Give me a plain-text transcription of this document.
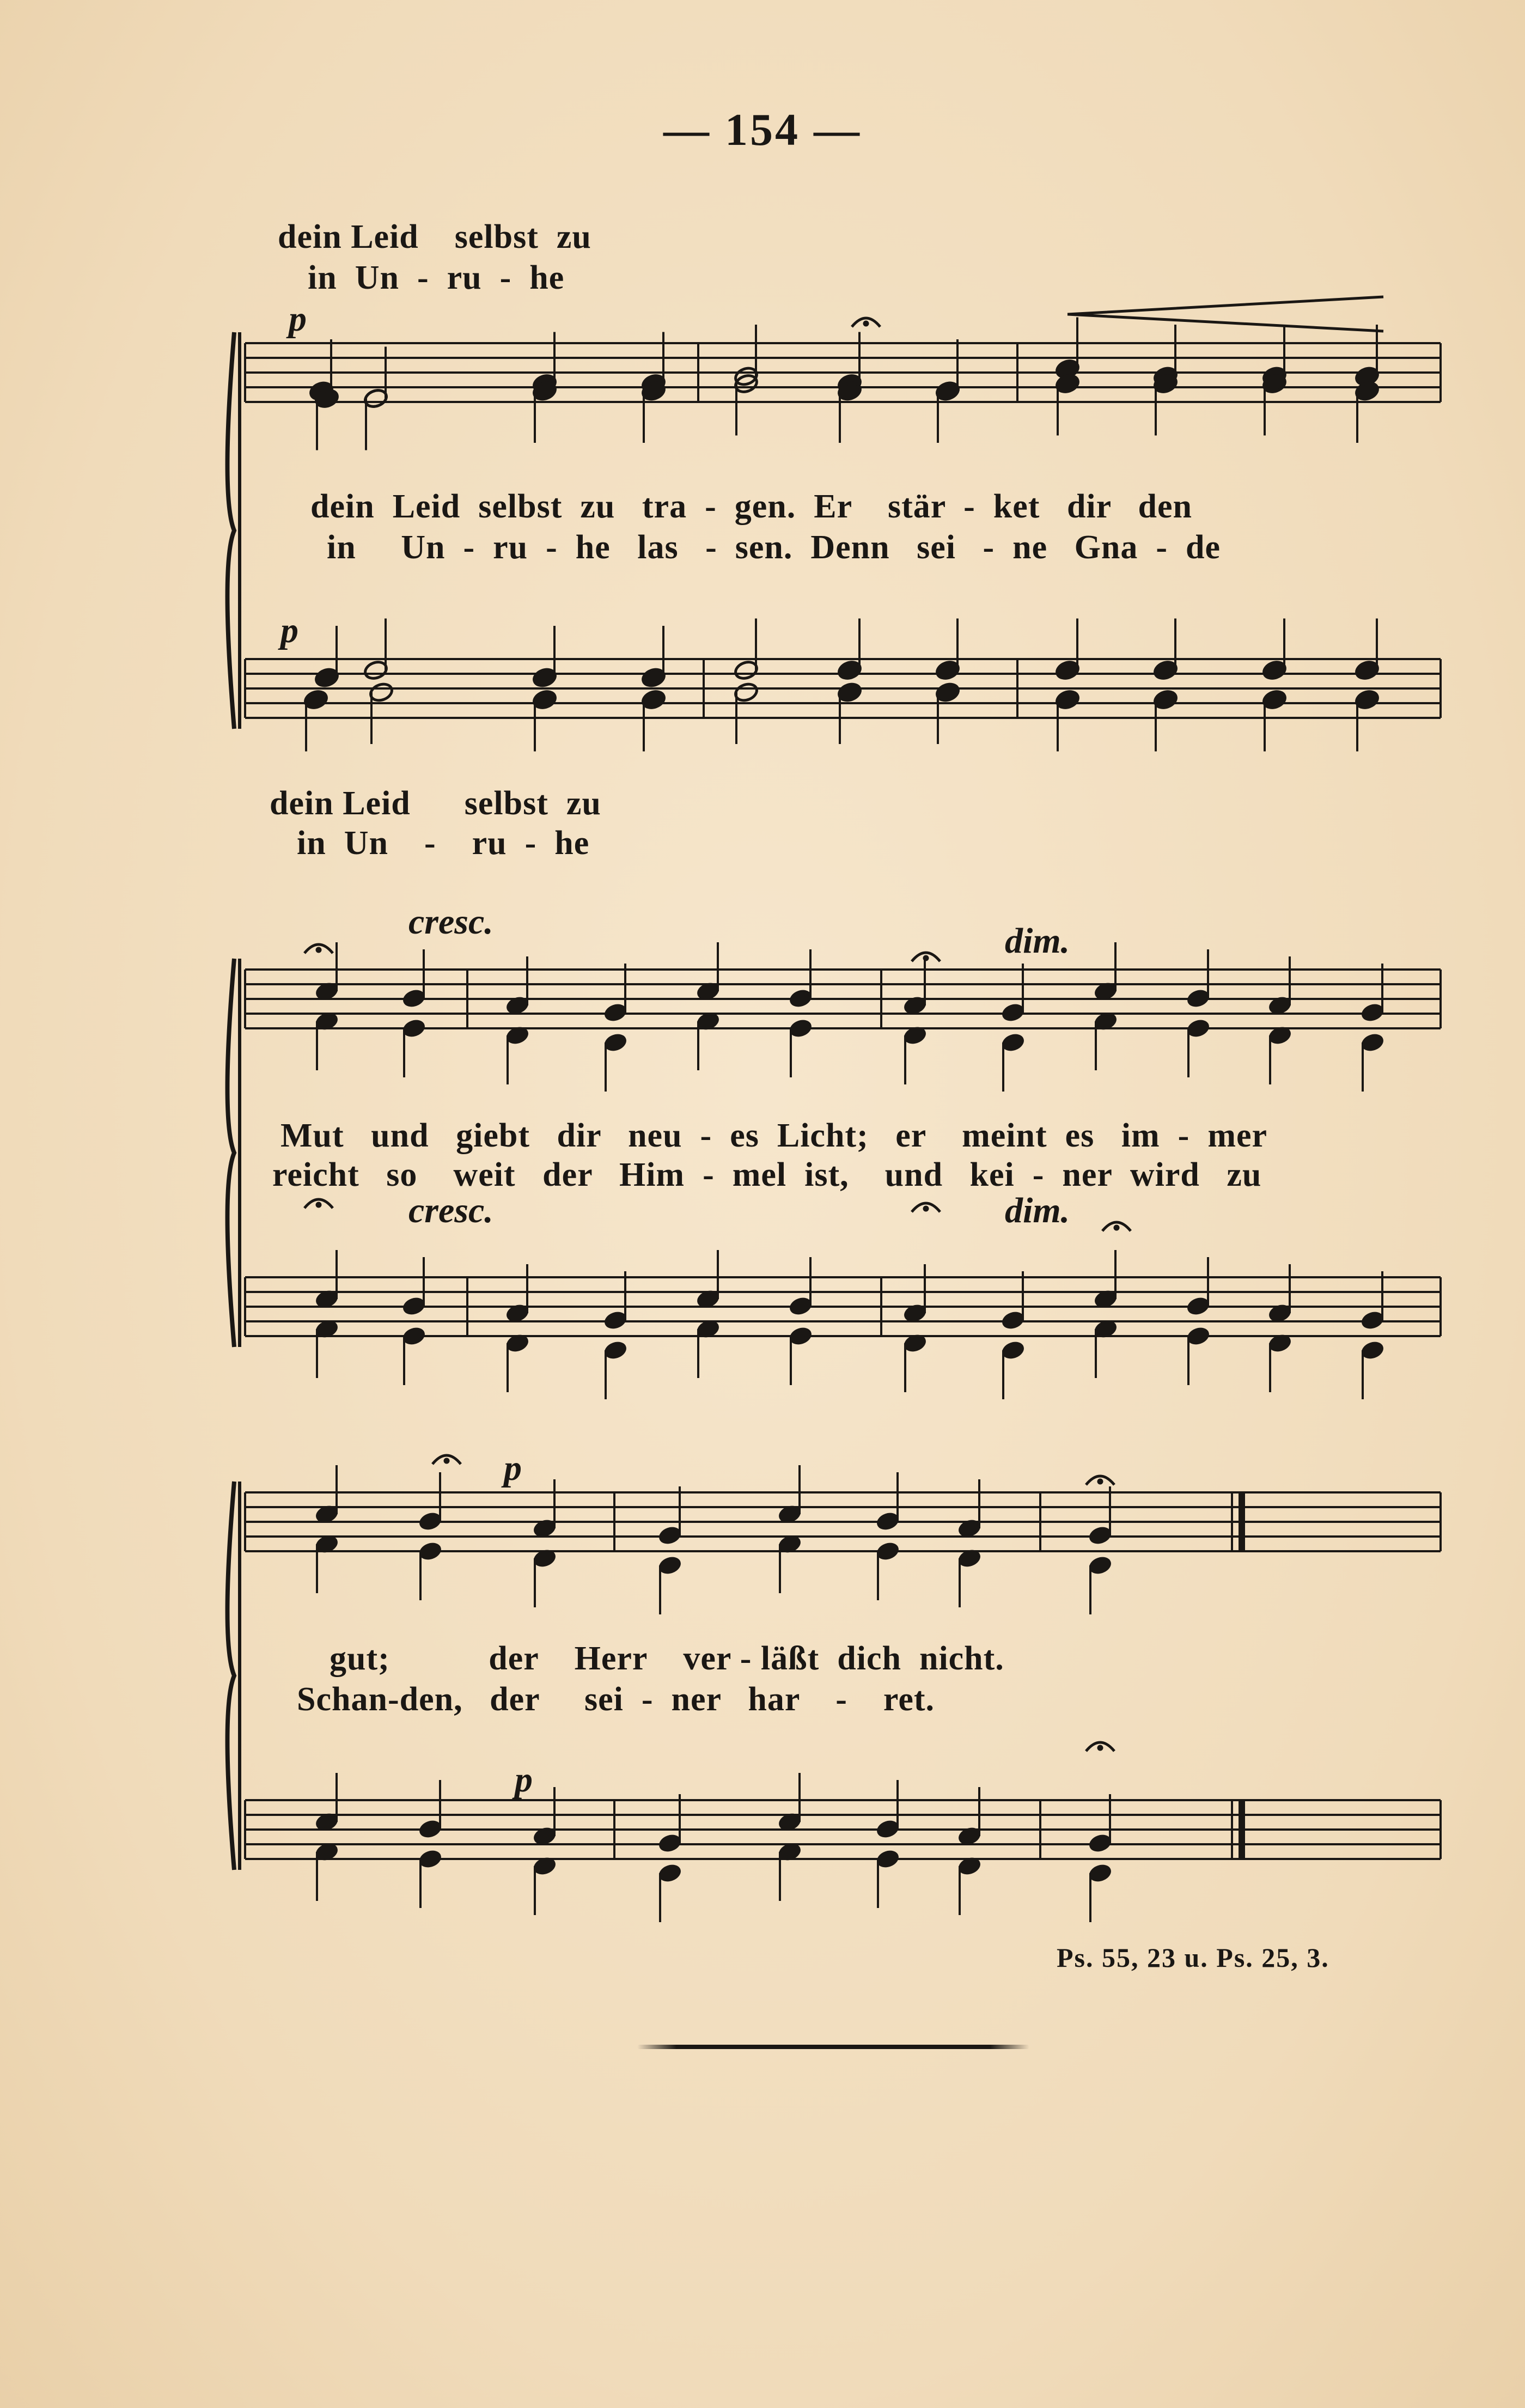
— 154 —
dein Leid    selbst  zu
in  Un  -  ru  -  he
p
dein  Leid  selbst  zu   tra  -  gen.  Er    stär  -  ket   dir   den
in     Un  -  ru  -  he   las   -  sen.  Denn   sei   -  ne   Gna  -  de
p
dein Leid      selbst  zu
in  Un    -    ru  -  he
cresc.	dim.
Mut   und   giebt   dir   neu  -  es  Licht;   er    meint  es   im  -  mer
reicht   so    weit   der   Him  -  mel  ist,    und   kei  -  ner  wird   zu
cresc.	dim.
p
gut;           der    Herr    ver - läßt  dich  nicht.
Schan-den,   der     sei  -  ner   har    -    ret.
p
Ps. 55, 23 u. Ps. 25, 3.
